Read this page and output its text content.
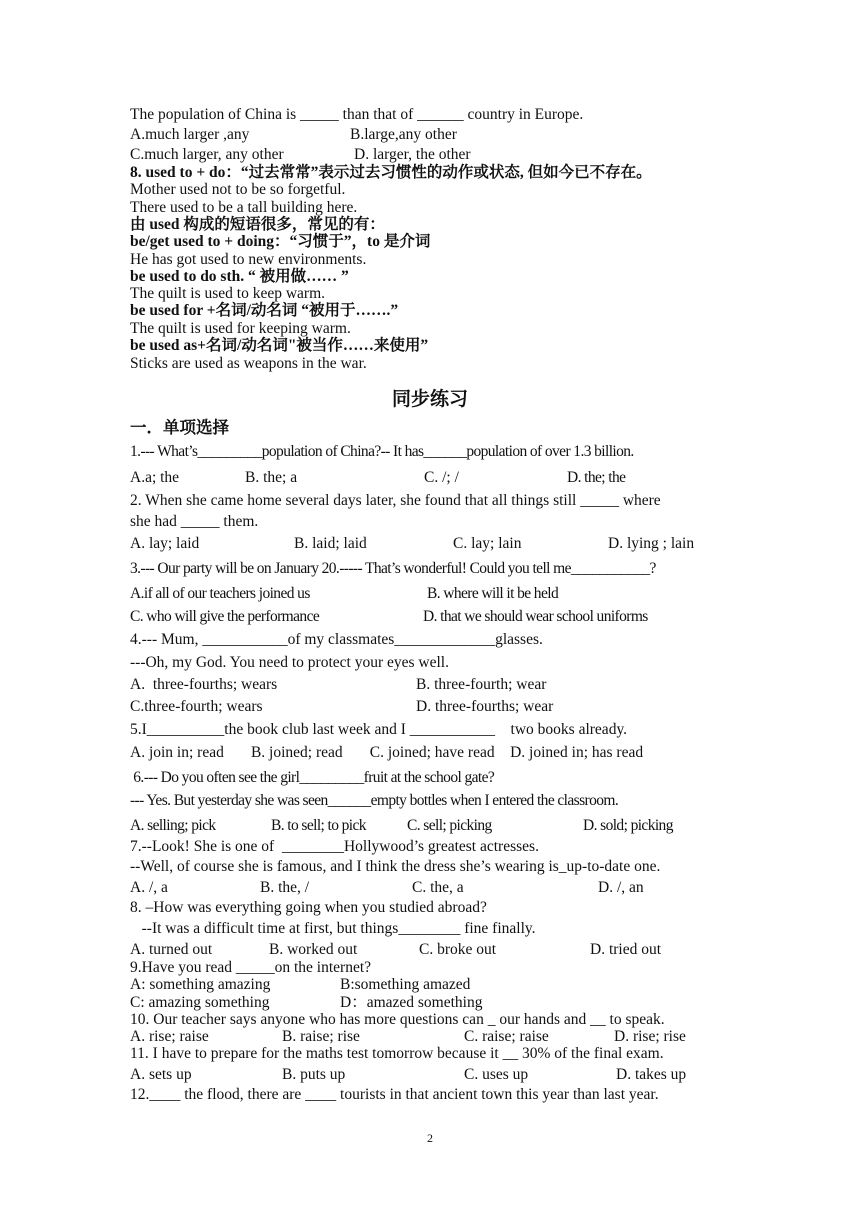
The population of China is _____ than that of ______ country in Europe.
A.much larger ,any	B.large,any other
C.much larger, any other	D. larger, the other
8. used to + do：“过去常常”表示过去习惯性的动作或状态, 但如今已不存在。
Mother used not to be so forgetful.
There used to be a tall building here.
由 used 构成的短语很多，常见的有：
be/get used to + doing：“习惯于”，to 是介词
He has got used to new environments.
be used to do sth. “ 被用做…… ”
The quilt is used to keep warm.
be used for +名词/动名词 “被用于…….”
The quilt is used for keeping warm.
be used as+名词/动名词"被当作……来使用”
Sticks are used as weapons in the war.
同步练习
一．单项选择
1.--- What’s_________population of China?-- It has______population of over 1.3 billion.
A.a; the	B. the; a	C. /; /	D. the; the
2. When she came home several days later, she found that all things still _____ where
she had _____ them.
A. lay; laid	B. laid; laid	C. lay; lain	D. lying ; lain
3.--- Our party will be on January 20.----- That’s wonderful! Could you tell me___________?
A.if all of our teachers joined us	B. where will it be held
C. who will give the performance	D. that we should wear school uniforms
4.--- Mum, ___________of my classmates_____________glasses.
---Oh, my God. You need to protect your eyes well.
A.  three-fourths; wears	B. three-fourth; wear
C.three-fourth; wears	D. three-fourths; wear
5.I__________the book club last week and I ___________    two books already.
A. join in; read       B. joined; read       C. joined; have read    D. joined in; has read
6.--- Do you often see the girl_________fruit at the school gate?
--- Yes. But yesterday she was seen______empty bottles when I entered the classroom.
A. selling; pick	B. to sell; to pick	C. sell; picking	D. sold; picking
7.--Look! She is one of  ________Hollywood’s greatest actresses.
--Well, of course she is famous, and I think the dress she’s wearing is_up-to-date one.
A. /, a	B. the, /	C. the, a	D. /, an
8. –How was everything going when you studied abroad?
--It was a difficult time at first, but things________ fine finally.
A. turned out	B. worked out	C. broke out	D. tried out
9.Have you read _____on the internet?
A: something amazing	B:something amazed
C: amazing something	D：amazed something
10. Our teacher says anyone who has more questions can _ our hands and __ to speak.
A. rise; raise	B. raise; rise	C. raise; raise	D. rise; rise
11. I have to prepare for the maths test tomorrow because it __ 30% of the final exam.
A. sets up	B. puts up	C. uses up	D. takes up
12.____ the flood, there are ____ tourists in that ancient town this year than last year.
2
